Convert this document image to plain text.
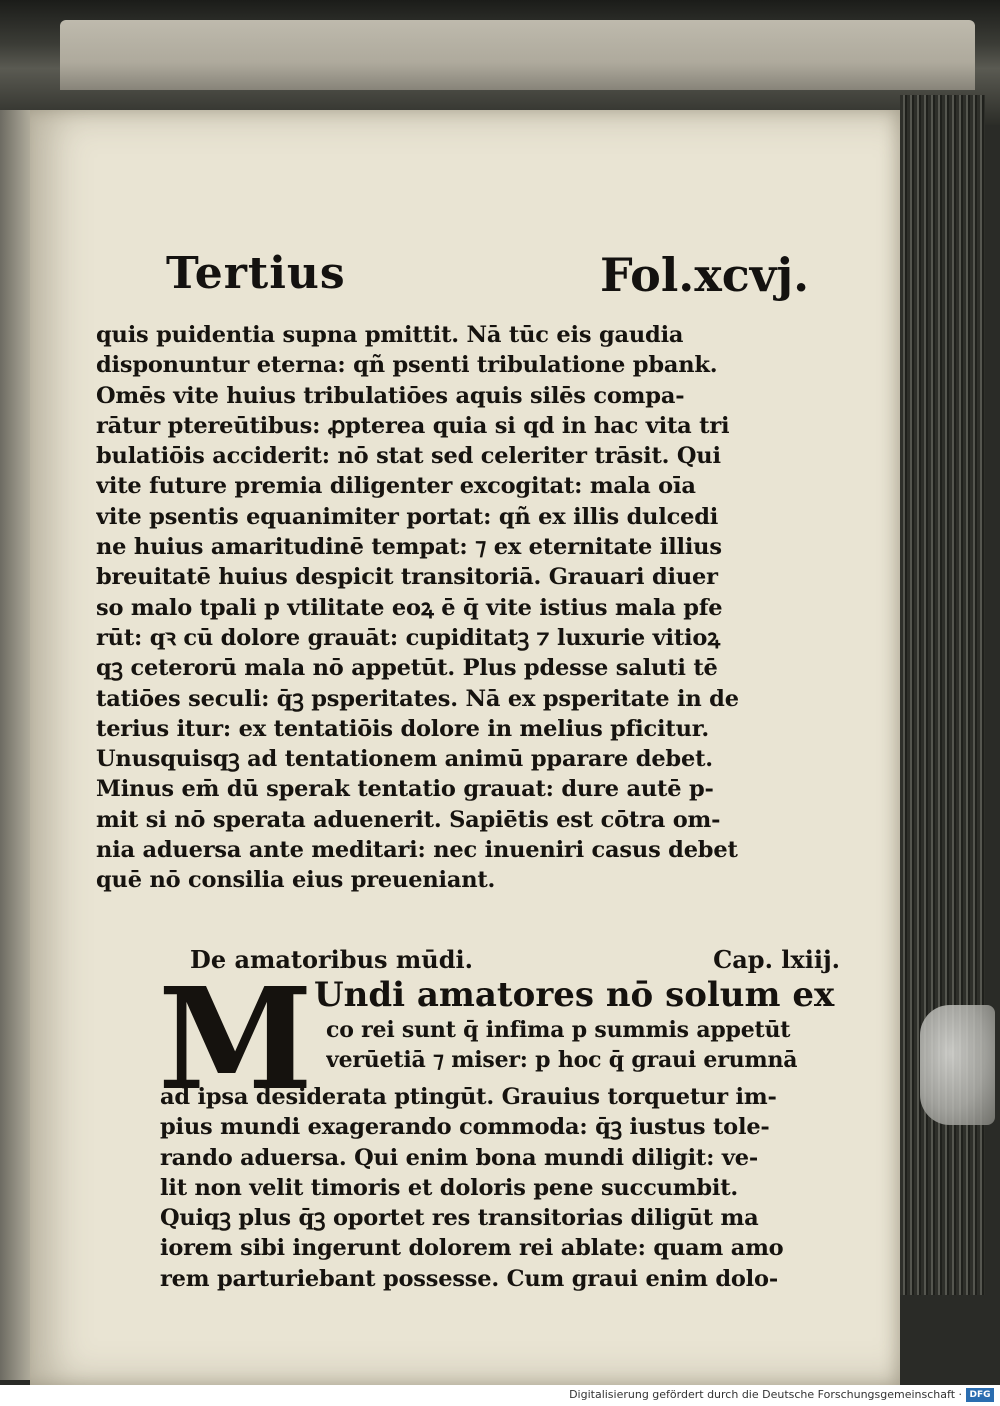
Tertius	Fol.xcvj.
quis puidentia supna pmittit. Nā tūc eis gaudia
disponuntur eterna: qñ psenti tribulatione pbank.
Omēs vite huius tribulatiōes aquis silēs compa-
rātur ptereūtibus: ꝓpterea quia si qd in hac vita tri
bulatiōis acciderit: nō stat sed celeriter trāsit. Qui
vite future premia diligenter excogitat: mala oīa
vite psentis equanimiter portat: qñ ex illis dulcedi
ne huius amaritudinē tempat: ⁊ ex eternitate illius
breuitatē huius despicit transitoriā. Grauari diuer
so malo tpali p vtilitate eoꝝ ē q̄ vite istius mala pfe
rūt: qꝛ cū dolore grauāt: cupiditatꝫ ⁊ luxurie vitioꝝ
qꝫ ceterorū mala nō appetūt. Plus pdesse saluti tē
tatiōes seculi: q̄ꝫ psperitates. Nā ex psperitate in de
terius itur: ex tentatiōis dolore in melius pficitur.
Unusquisqꝫ ad tentationem animū pparare debet.
Minus em̄ dū sperak tentatio grauat: dure autē p-
mit si nō sperata aduenerit. Sapiētis est cōtra om-
nia aduersa ante meditari: nec inueniri casus debet
quē nō consilia eius preueniant.
De amatoribus mūdi.	Cap. lxiij.
M Undi amatores nō solum ex
co rei sunt q̄ infima p summis appetūt
verūetiā ⁊ miser: p hoc q̄ graui erumnā
ad ipsa desiderata ptingūt. Grauius torquetur im-
pius mundi exagerando commoda: q̄ꝫ iustus tole-
rando aduersa. Qui enim bona mundi diligit: ve-
lit non velit timoris et doloris pene succumbit.
Quiqꝫ plus q̄ꝫ oportet res transitorias diligūt ma
iorem sibi ingerunt dolorem rei ablate: quam amo
rem parturiebant possesse. Cum graui enim dolo-
Digitalisierung gefördert durch die Deutsche Forschungsgemeinschaft · DFG
